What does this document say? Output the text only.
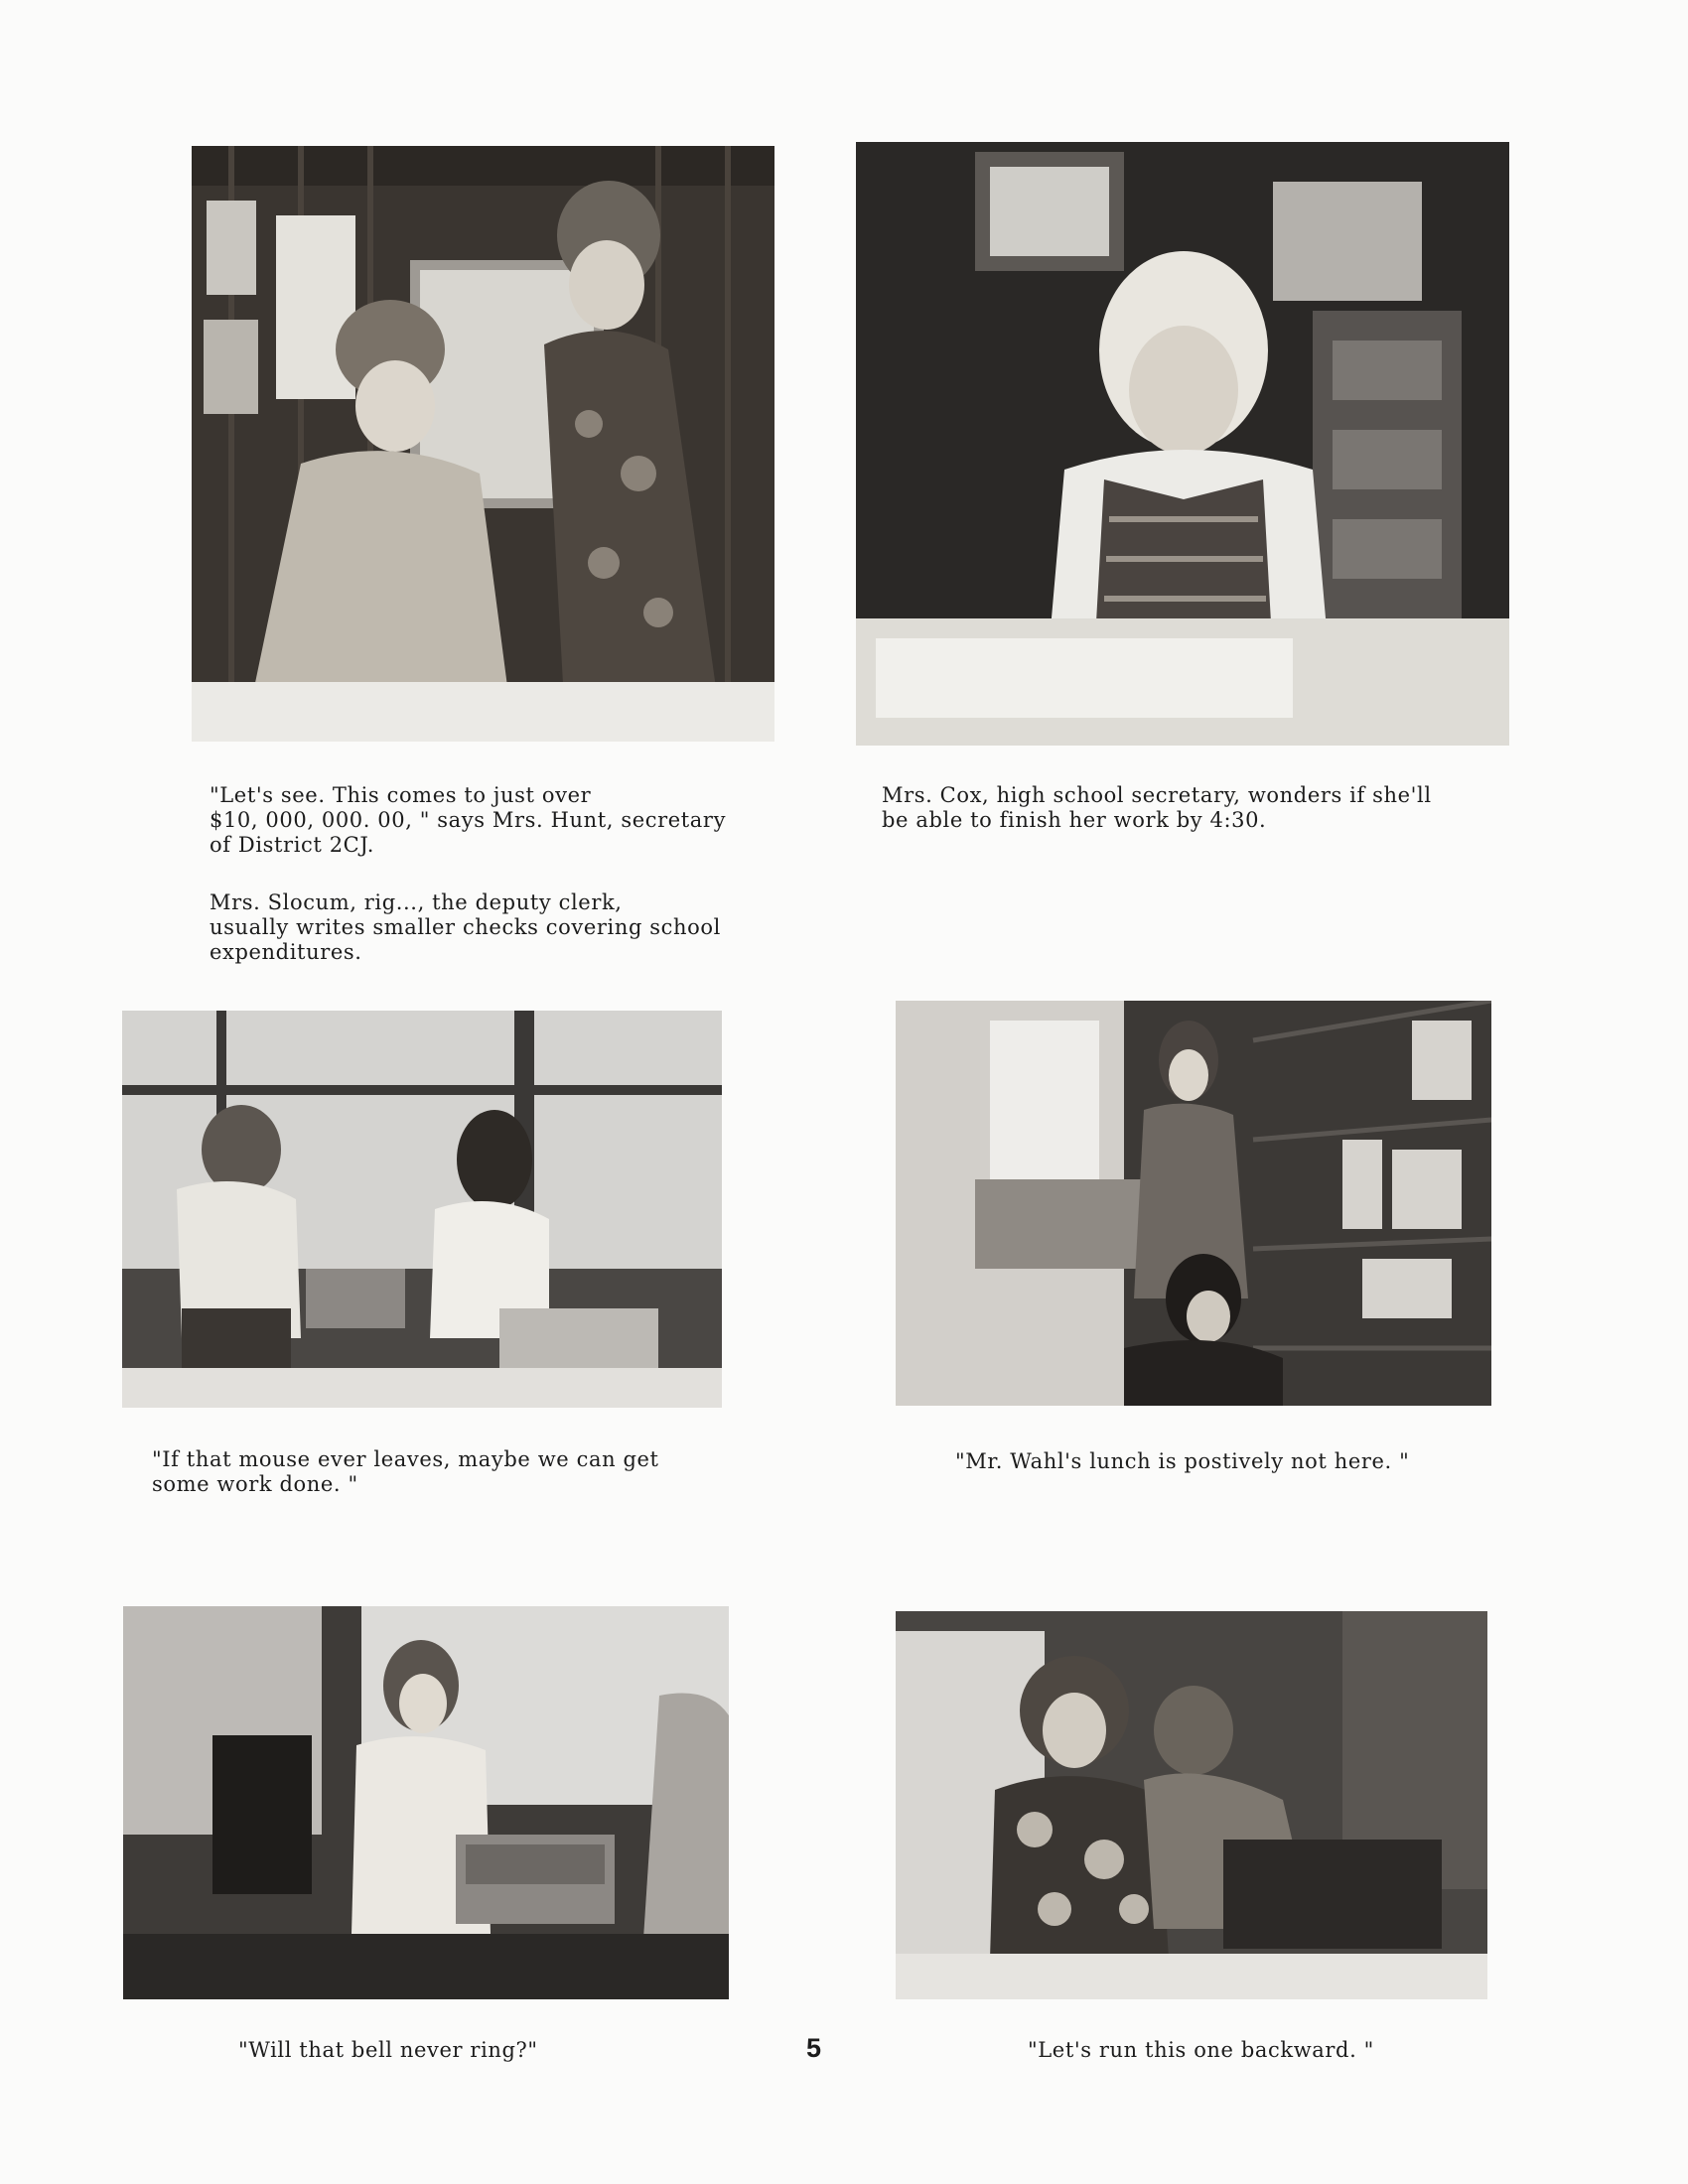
"Let's see. This comes to just over
$10, 000, 000. 00, " says Mrs. Hunt, secretary
of District 2CJ.
Mrs. Slocum, rig..., the deputy clerk,
usually writes smaller checks covering school
expenditures.
Mrs. Cox, high school secretary, wonders if she'll
be able to finish her work by 4:30.
"If that mouse ever leaves, maybe we can get
some work done. "
"Mr. Wahl's lunch is postively not here. "
"Will that bell never ring?"	"Let's run this one backward. "
5
